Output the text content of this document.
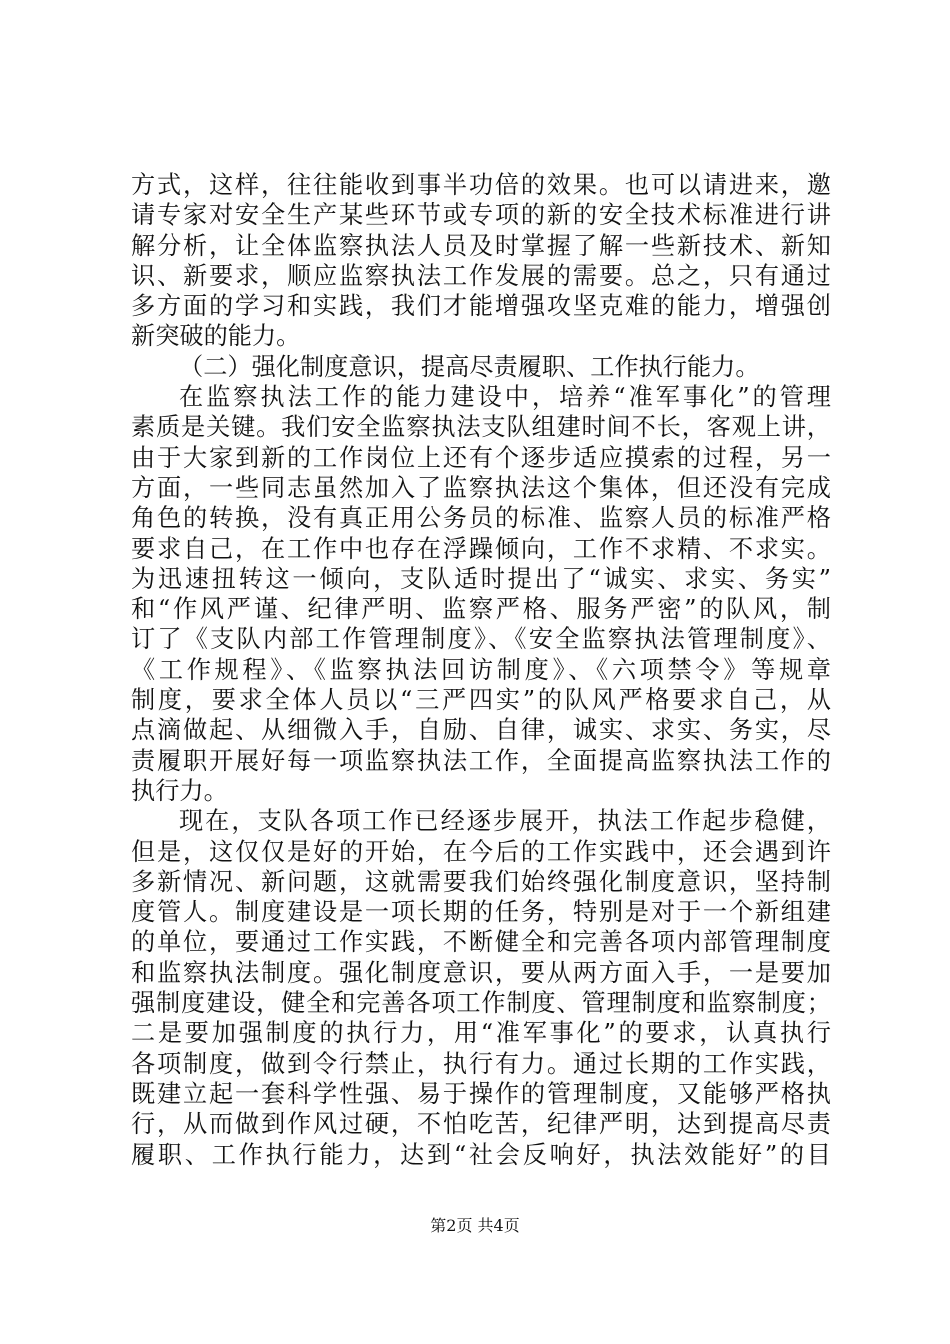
方式，这样，往往能收到事半功倍的效果。也可以请进来，邀
请专家对安全生产某些环节或专项的新的安全技术标准进行讲
解分析，让全体监察执法人员及时掌握了解一些新技术、新知
识、新要求，顺应监察执法工作发展的需要。总之，只有通过
多方面的学习和实践，我们才能增强攻坚克难的能力，增强创
新突破的能力。
（二）强化制度意识，提高尽责履职、工作执行能力。
在监察执法工作的能力建设中，培养“准军事化”的管理
素质是关键。我们安全监察执法支队组建时间不长，客观上讲，
由于大家到新的工作岗位上还有个逐步适应摸索的过程，另一
方面，一些同志虽然加入了监察执法这个集体，但还没有完成
角色的转换，没有真正用公务员的标准、监察人员的标准严格
要求自己，在工作中也存在浮躁倾向，工作不求精、不求实。
为迅速扭转这一倾向，支队适时提出了“诚实、求实、务实”
和“作风严谨、纪律严明、监察严格、服务严密”的队风，制
订了《支队内部工作管理制度》、《安全监察执法管理制度》、
《工作规程》、《监察执法回访制度》、《六项禁令》等规章
制度，要求全体人员以“三严四实”的队风严格要求自己，从
点滴做起、从细微入手，自励、自律，诚实、求实、务实，尽
责履职开展好每一项监察执法工作，全面提高监察执法工作的
执行力。
现在，支队各项工作已经逐步展开，执法工作起步稳健，
但是，这仅仅是好的开始，在今后的工作实践中，还会遇到许
多新情况、新问题，这就需要我们始终强化制度意识，坚持制
度管人。制度建设是一项长期的任务，特别是对于一个新组建
的单位，要通过工作实践，不断健全和完善各项内部管理制度
和监察执法制度。强化制度意识，要从两方面入手，一是要加
强制度建设，健全和完善各项工作制度、管理制度和监察制度；
二是要加强制度的执行力，用“准军事化”的要求，认真执行
各项制度，做到令行禁止，执行有力。通过长期的工作实践，
既建立起一套科学性强、易于操作的管理制度，又能够严格执
行，从而做到作风过硬，不怕吃苦，纪律严明，达到提高尽责
履职、工作执行能力，达到“社会反响好，执法效能好”的目
第2页 共4页
